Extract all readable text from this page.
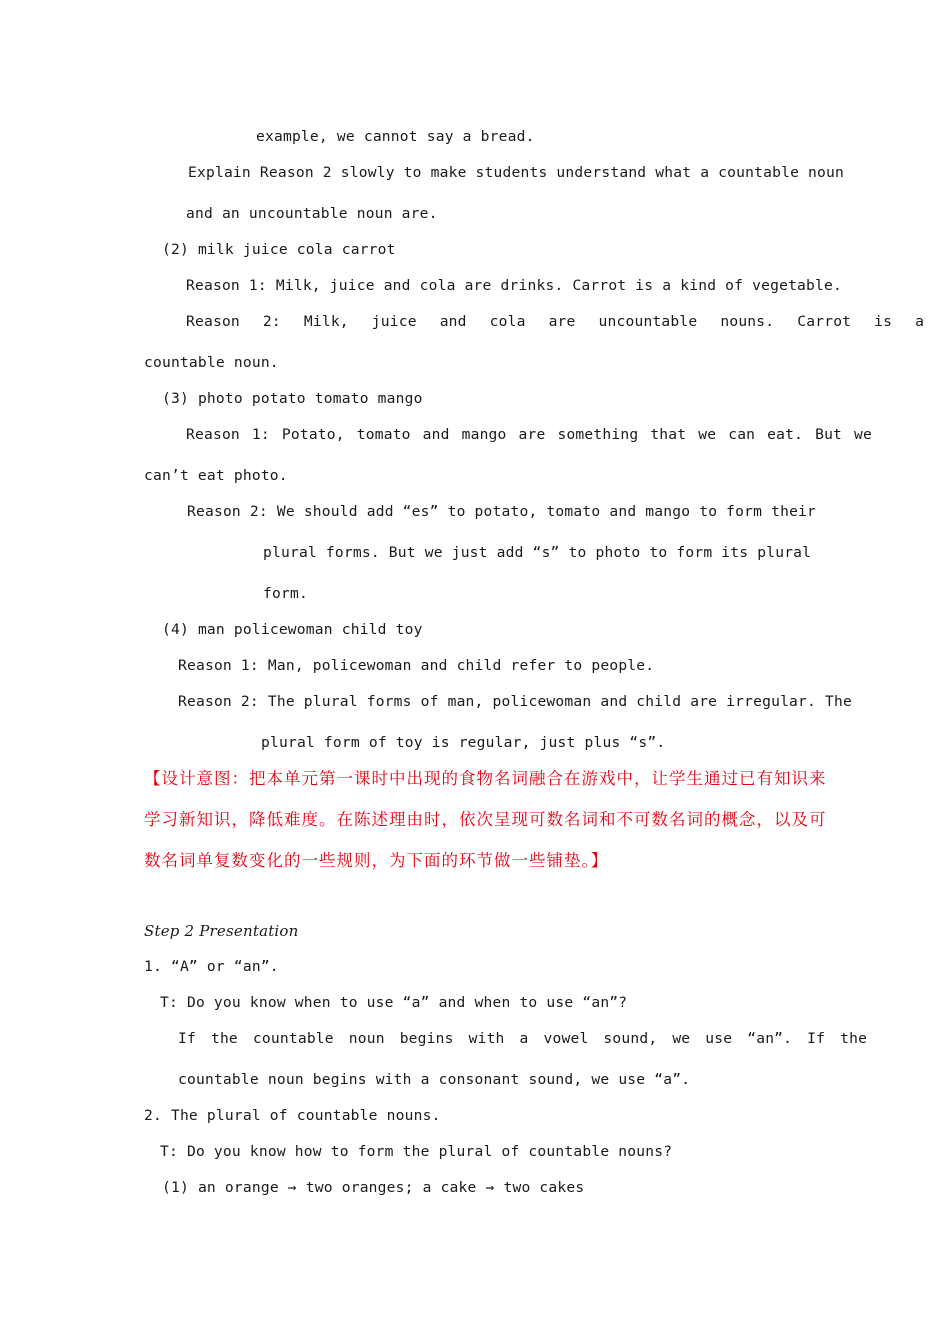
example, we cannot say a bread.
Explain Reason 2 slowly to make students understand what a countable noun
and an uncountable noun are.
(2) milk juice cola carrot
Reason 1: Milk, juice and cola are drinks. Carrot is a kind of vegetable.
Reason 2: Milk, juice and cola are uncountable nouns. Carrot is a
countable noun.
(3) photo potato tomato mango
Reason 1: Potato, tomato and mango are something that we can eat. But we
can’t eat photo.
Reason 2: We should add “es” to potato, tomato and mango to form their
plural forms. But we just add “s” to photo to form its plural
form.
(4) man policewoman child toy
Reason 1: Man, policewoman and child refer to people.
Reason 2: The plural forms of man, policewoman and child are irregular. The
plural form of toy is regular, just plus “s”.
【设计意图：把本单元第一课时中出现的食物名词融合在游戏中，让学生通过已有知识来
学习新知识，降低难度。在陈述理由时，依次呈现可数名词和不可数名词的概念，以及可
数名词单复数变化的一些规则，为下面的环节做一些铺垫。】
Step 2 Presentation
1. “A” or “an”.
T: Do you know when to use “a” and when to use “an”?
If the countable noun begins with a vowel sound, we use “an”. If the
countable noun begins with a consonant sound, we use “a”.
2. The plural of countable nouns.
T: Do you know how to form the plural of countable nouns?
(1) an orange → two oranges; a cake → two cakes
